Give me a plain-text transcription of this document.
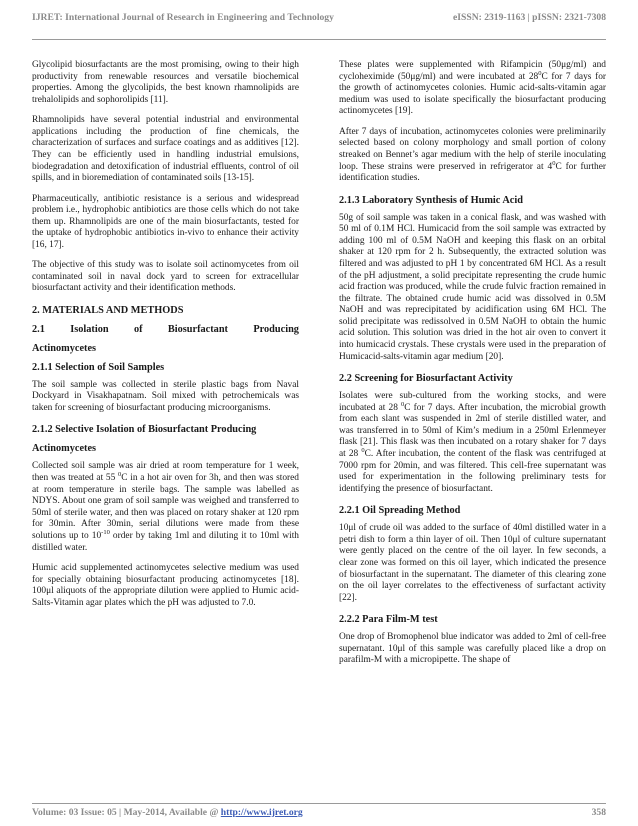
IJRET: International Journal of Research in Engineering and Technology	eISSN: 2319-1163 | pISSN: 2321-7308

Glycolipid biosurfactants are the most promising, owing to their high productivity from renewable resources and versatile biochemical properties. Among the glycolipids, the best known rhamnolipids are trehalolipids and sophorolipids [11].

Rhamnolipids have several potential industrial and environmental applications including the production of fine chemicals, the characterization of surfaces and surface coatings and as additives [12]. They can be efficiently used in handling industrial emulsions, biodegradation and detoxification of industrial effluents, control of oil spills, and in bioremediation of contaminated soils [13-15].

Pharmaceutically, antibiotic resistance is a serious and widespread problem i.e., hydrophobic antibiotics are those cells which do not take them up. Rhamnolipids are one of the main biosurfactants, tested for the uptake of hydrophobic antibiotics in-vivo to enhance their activity [16, 17].

The objective of this study was to isolate soil actinomycetes from oil contaminated soil in naval dock yard to screen for extracellular biosurfactant activity and their identification methods.

2. MATERIALS AND METHODS
2.1 Isolation of Biosurfactant Producing
Actinomycetes
2.1.1 Selection of Soil Samples

The soil sample was collected in sterile plastic bags from Naval Dockyard in Visakhapatnam. Soil mixed with petrochemicals was taken for screening of biosurfactant producing microorganisms.

2.1.2 Selective Isolation of Biosurfactant Producing
Actinomycetes

Collected soil sample was air dried at room temperature for 1 week, then was treated at 55 $^0$C in a hot air oven for 3h, and then was stored at room temperature in sterile bags. The sample was labelled as NDYS. About one gram of soil sample was weighed and transferred to 50ml of sterile water, and then was placed on rotary shaker at 120 rpm for 30min. After 30min, serial dilutions were made from these solutions up to $10^{-10}$ order by taking 1ml and diluting it to 10ml with distilled water.

Humic acid supplemented actinomycetes selective medium was used for specially obtaining biosurfactant producing actinomycetes [18]. 100μl aliquots of the appropriate dilution were applied to Humic acid-Salts-Vitamin agar plates which the pH was adjusted to 7.0.

These plates were supplemented with Rifampicin (50μg/ml) and cycloheximide (50μg/ml) and were incubated at $28^0C$ for 7 days for the growth of actinomycetes colonies. Humic acid-salts-vitamin agar medium was used to isolate specifically the biosurfactant producing actinomycetes [19].

After 7 days of incubation, actinomycetes colonies were preliminarily selected based on colony morphology and small portion of colony streaked on Bennet’s agar medium with the help of sterile inoculating loop. These strains were preserved in refrigerator at $4^0C$ for further identification studies.

2.1.3 Laboratory Synthesis of Humic Acid

50g of soil sample was taken in a conical flask, and was washed with 50 ml of 0.1M HCl. Humicacid from the soil sample was extracted by adding 100 ml of 0.5M NaOH and keeping this flask on an orbital shaker at 120 rpm for 2 h. Subsequently, the extracted solution was filtered and was adjusted to pH 1 by concentrated 6M HCl. As a result of the pH adjustment, a solid precipitate representing the crude humic acid fraction was produced, while the crude fulvic fraction remained in the filtrate. The obtained crude humic acid was dissolved in 0.5M NaOH and was reprecipitated by acidification using 6M HCl. The solid precipitate was redissolved in 0.5M NaOH to obtain the humic acid solution. This solution was dried in the hot air oven to convert it into humicacid crystals. These crystals were used in the preparation of Humicacid-salts-vitamin agar medium [20].

2.2 Screening for Biosurfactant Activity

Isolates were sub-cultured from the working stocks, and were incubated at 28 $^0$C for 7 days. After incubation, the microbial growth from each slant was suspended in 2ml of sterile distilled water, and was transferred in to 50ml of Kim’s medium in a 250ml Erlenmeyer flask [21]. This flask was then incubated on a rotary shaker for 7 days at 28 $^0$C. After incubation, the content of the flask was centrifuged at 7000 rpm for 20min, and was filtered. This cell-free supernatant was used for experimentation in the following preliminary tests for identifying the presence of biosurfactant.

2.2.1 Oil Spreading Method

10μl of crude oil was added to the surface of 40ml distilled water in a petri dish to form a thin layer of oil. Then 10μl of culture supernatant were gently placed on the centre of the oil layer. In few seconds, a clear zone was formed on this oil layer, which indicated the presence of biosurfactant in the supernatant. The diameter of this clearing zone on the oil layer correlates to the effectiveness of surfactant activity [22].

2.2.2 Para Film-M test

One drop of Bromophenol blue indicator was added to 2ml of cell-free supernatant. 10μl of this sample was carefully placed like a drop on parafilm-M with a micropipette. The shape of

Volume: 03 Issue: 05 | May-2014, Available @ http://www.ijret.org	358
